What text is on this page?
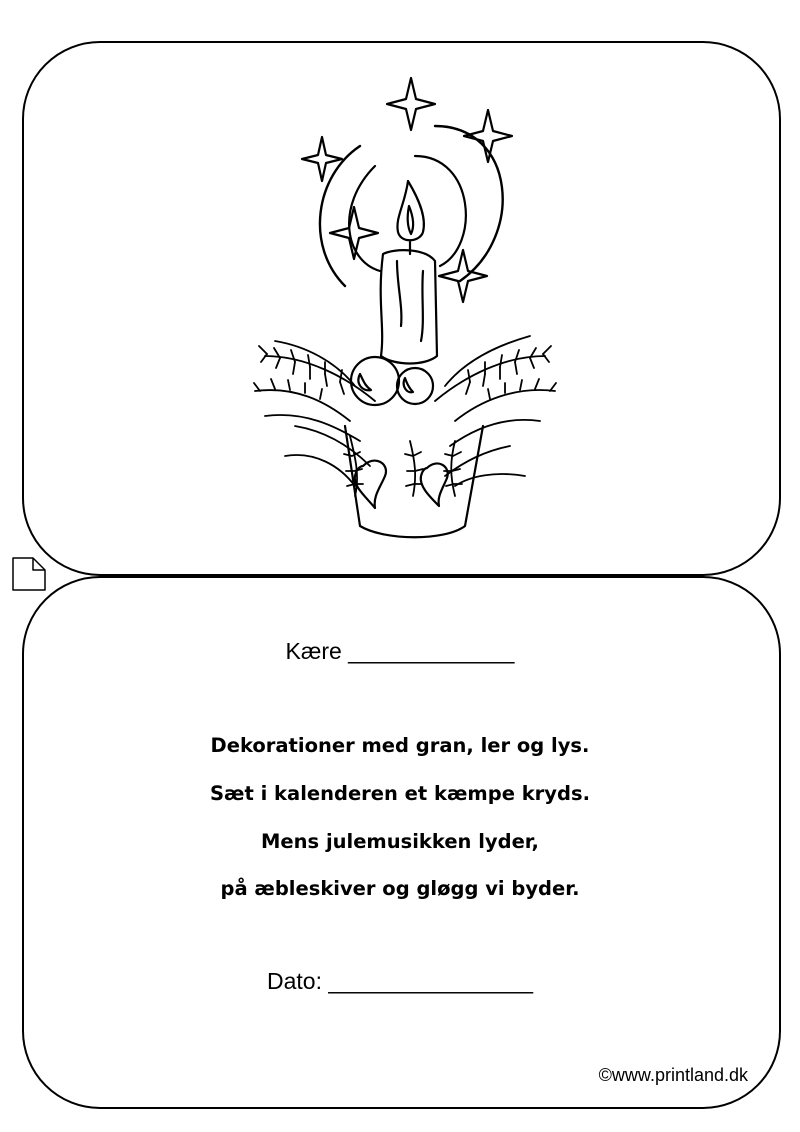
Kære _____________
Dekorationer med gran, ler og lys.
Sæt i kalenderen et kæmpe kryds.
Mens julemusikken lyder,
på æbleskiver og gløgg vi byder.
Dato: ________________
©www.printland.dk
